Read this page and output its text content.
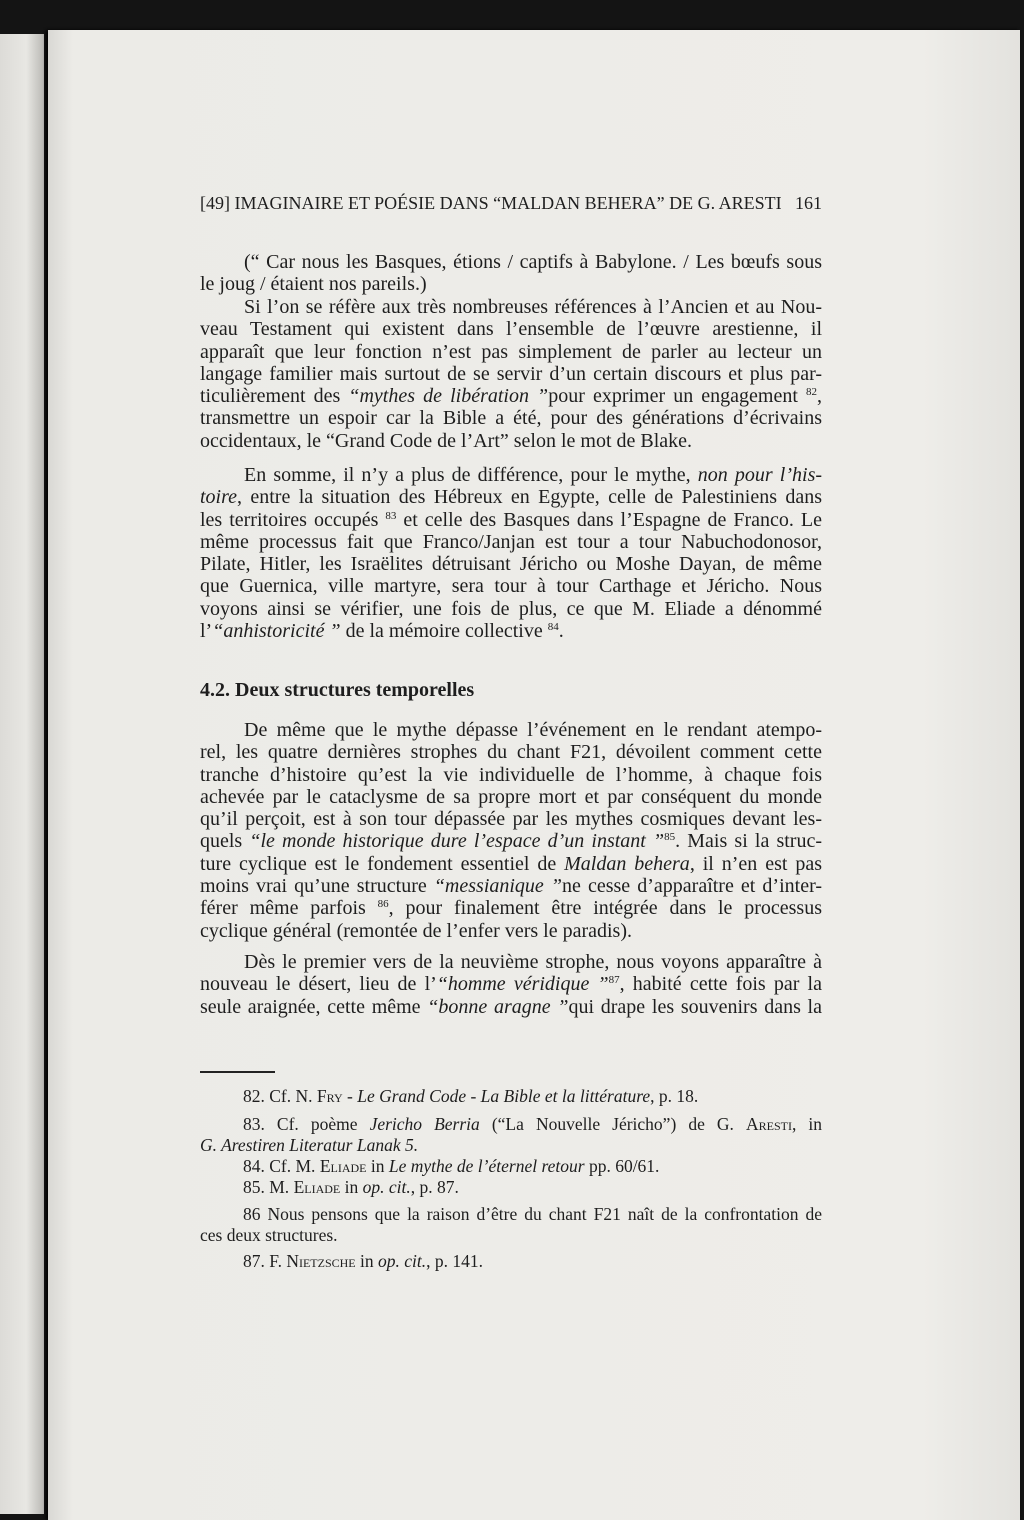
[49] IMAGINAIRE ET POÉSIE DANS “MALDAN BEHERA” DE G. ARESTI 161
(“ Car nous les Basques, étions / captifs à Babylone. / Les bœufs sous
le joug / étaient nos pareils.)
Si l’on se réfère aux très nombreuses références à l’Ancien et au Nou-
veau Testament qui existent dans l’ensemble de l’œuvre arestienne, il
apparaît que leur fonction n’est pas simplement de parler au lecteur un
langage familier mais surtout de se servir d’un certain discours et plus par-
ticulièrement des “mythes de libération ”pour exprimer un engagement $^{82}$,
transmettre un espoir car la Bible a été, pour des générations d’écrivains
occidentaux, le “Grand Code de l’Art” selon le mot de Blake.
En somme, il n’y a plus de différence, pour le mythe, non pour l’his-
toire, entre la situation des Hébreux en Egypte, celle de Palestiniens dans
les territoires occupés $^{83}$ et celle des Basques dans l’Espagne de Franco. Le
même processus fait que Franco/Janjan est tour a tour Nabuchodonosor,
Pilate, Hitler, les Israëlites détruisant Jéricho ou Moshe Dayan, de même
que Guernica, ville martyre, sera tour à tour Carthage et Jéricho. Nous
voyons ainsi se vérifier, une fois de plus, ce que M. Eliade a dénommé
l’“anhistoricité ” de la mémoire collective $^{84}$.
4.2. Deux structures temporelles
De même que le mythe dépasse l’événement en le rendant atempo-
rel, les quatre dernières strophes du chant F21, dévoilent comment cette
tranche d’histoire qu’est la vie individuelle de l’homme, à chaque fois
achevée par le cataclysme de sa propre mort et par conséquent du monde
qu’il perçoit, est à son tour dépassée par les mythes cosmiques devant les-
quels “le monde historique dure l’espace d’un instant ”$^{85}$. Mais si la struc-
ture cyclique est le fondement essentiel de Maldan behera, il n’en est pas
moins vrai qu’une structure “messianique ”ne cesse d’apparaître et d’inter-
férer même parfois $^{86}$, pour finalement être intégrée dans le processus
cyclique général (remontée de l’enfer vers le paradis).
Dès le premier vers de la neuvième strophe, nous voyons apparaître à
nouveau le désert, lieu de l’“homme véridique ”$^{87}$, habité cette fois par la
seule araignée, cette même “bonne aragne ”qui drape les souvenirs dans la
82. Cf. N. Fry - Le Grand Code - La Bible et la littérature, p. 18.
83. Cf. poème Jericho Berria (“La Nouvelle Jéricho”) de G. Aresti, in
G. Arestiren Literatur Lanak 5.
84. Cf. M. Eliade in Le mythe de l’éternel retour pp. 60/61.
85. M. Eliade in op. cit., p. 87.
86 Nous pensons que la raison d’être du chant F21 naît de la confrontation de
ces deux structures.
87. F. Nietzsche in op. cit., p. 141.
